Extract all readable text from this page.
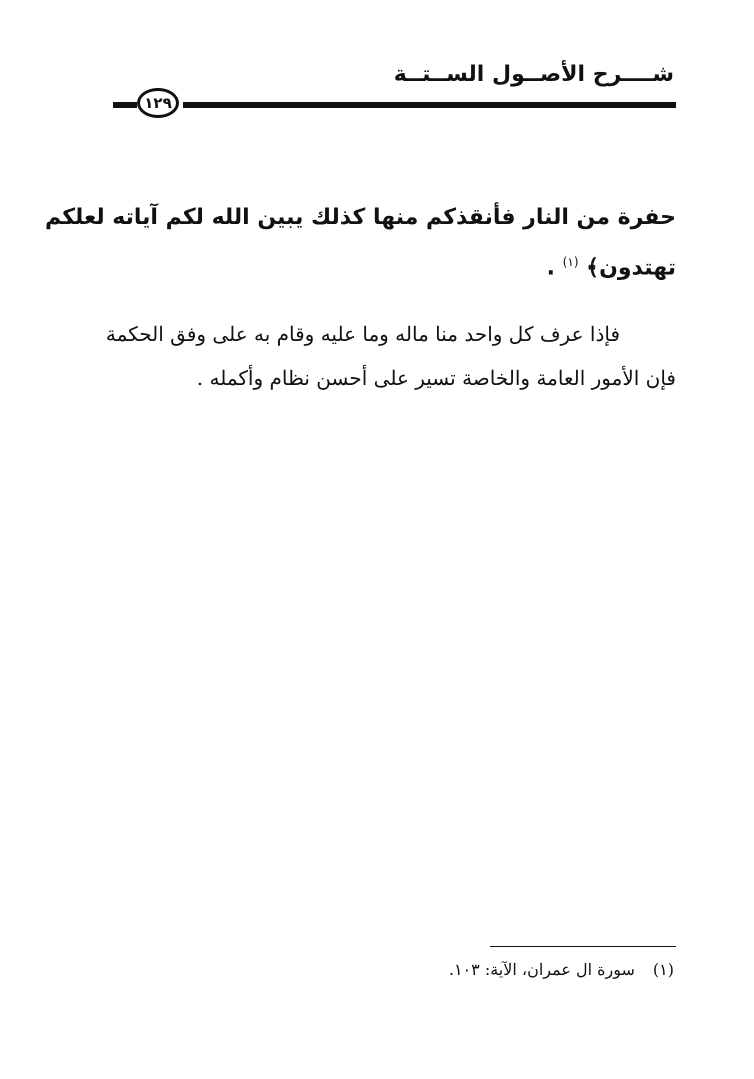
شــــرح الأصــول الســتــة
١٢٩
حفرة من النار فأنقذكم منها كذلك يبين الله لكم آياته لعلكم
تهتدون﴾ $^{(١)}$ .
فإذا عرف كل واحد منا ماله وما عليه وقام به على وفق الحكمة
فإن الأمور العامة والخاصة تسير على أحسن نظام وأكمله .
(١)سورة ال عمران، الآية: ١٠٣.
